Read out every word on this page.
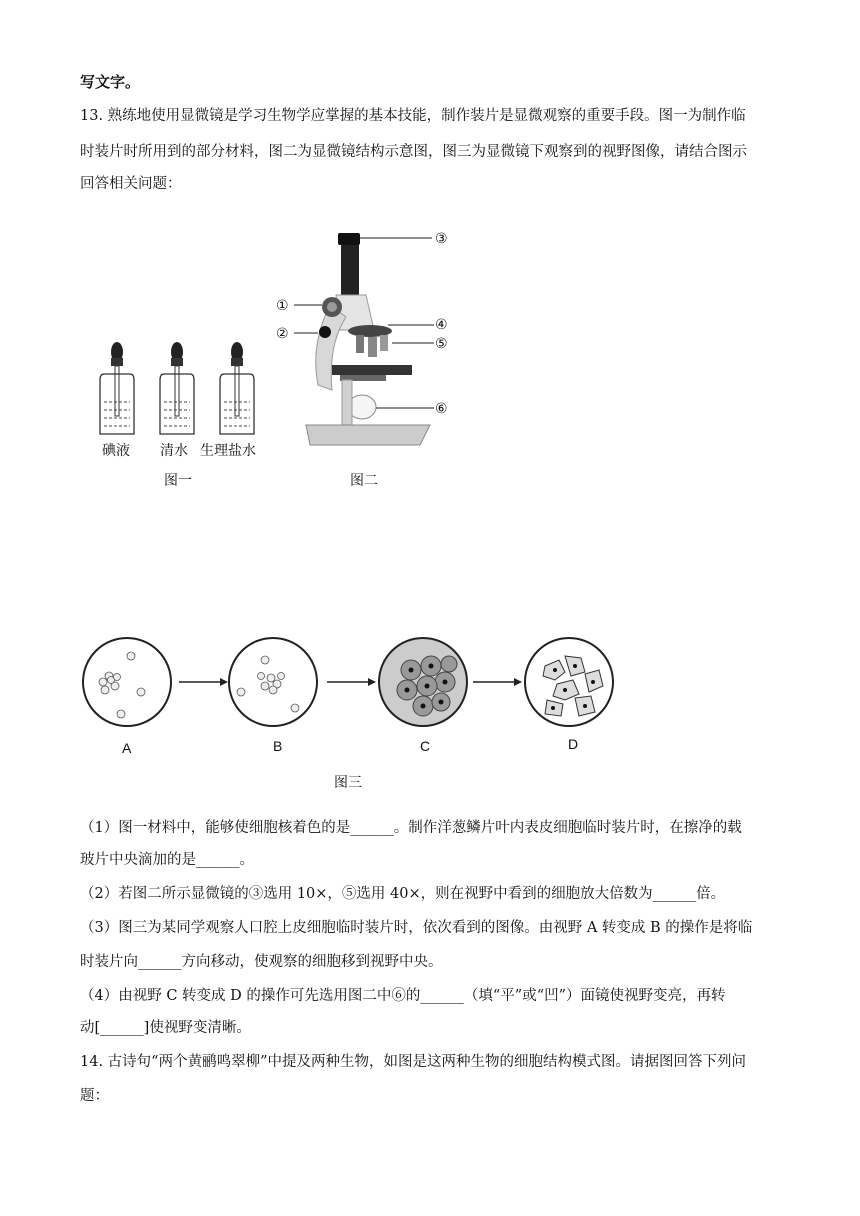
写文字。
13. 熟练地使用显微镜是学习生物学应掌握的基本技能，制作装片是显微观察的重要手段。图一为制作临
时装片时所用到的部分材料，图二为显微镜结构示意图，图三为显微镜下观察到的视野图像，请结合图示
回答相关问题：
碘液 清水 生理盐水
图一
③
①
②
④
⑤
⑥
图二
A	B	C	D
图三
（1）图一材料中，能够使细胞核着色的是______。制作洋葱鳞片叶内表皮细胞临时装片时，在擦净的载
玻片中央滴加的是______。
（2）若图二所示显微镜的③选用 10×，⑤选用 40×，则在视野中看到的细胞放大倍数为______倍。
（3）图三为某同学观察人口腔上皮细胞临时装片时，依次看到的图像。由视野 A 转变成 B 的操作是将临
时装片向______方向移动，使观察的细胞移到视野中央。
（4）由视野 C 转变成 D 的操作可先选用图二中⑥的______（填“平”或“凹”）面镜使视野变亮，再转
动[______]使视野变清晰。
14. 古诗句“两个黄鹂鸣翠柳”中提及两种生物，如图是这两种生物的细胞结构模式图。请据图回答下列问
题：
